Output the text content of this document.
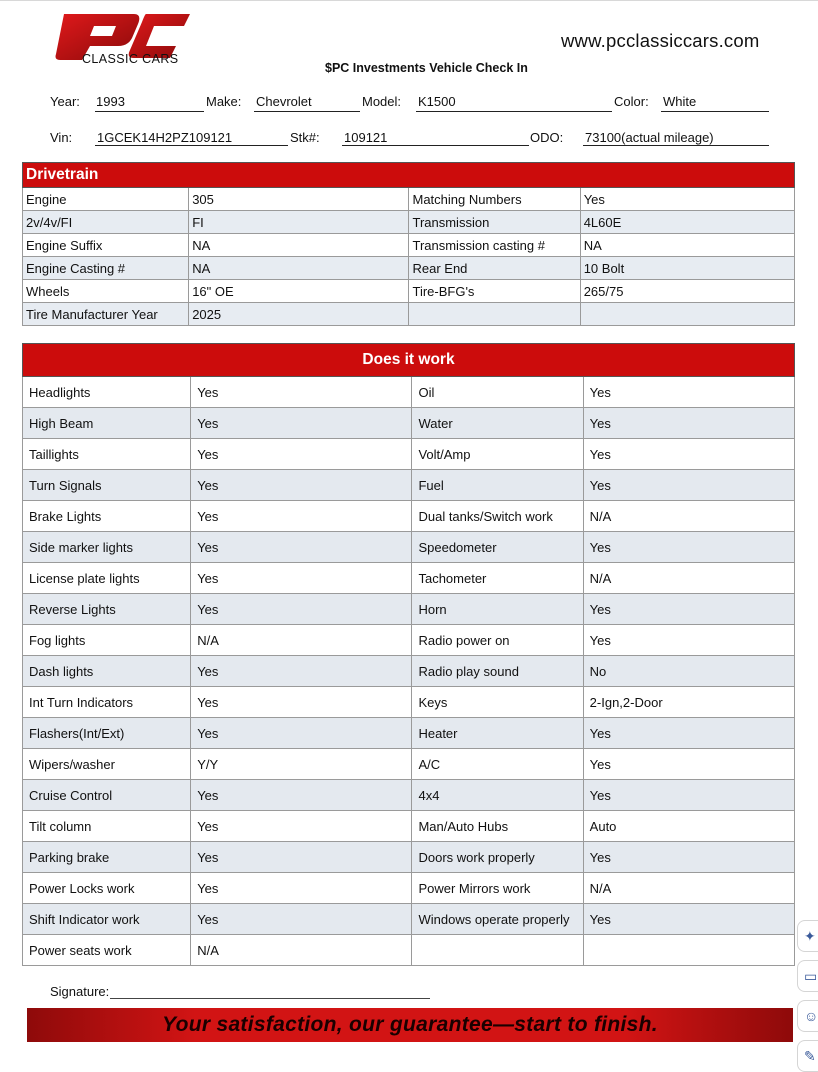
CLASSIC CARS
www.pcclassiccars.com
$PC Investments Vehicle Check In
Year: 1993	Make: Chevrolet	Model: K1500	Color: White
Vin: 1GCEK14H2PZ109121	Stk#: 109121	ODO: 73100(actual mileage)
Drivetrain			
Engine	305	Matching Numbers	Yes
2v/4v/FI	FI	Transmission	4L60E
Engine Suffix	NA	Transmission casting #	NA
Engine Casting #	NA	Rear End	10 Bolt
Wheels	16" OE	Tire-BFG's	265/75
Tire Manufacturer Year	2025		
Does it work			
Headlights	Yes	Oil	Yes
High Beam	Yes	Water	Yes
Taillights	Yes	Volt/Amp	Yes
Turn Signals	Yes	Fuel	Yes
Brake Lights	Yes	Dual tanks/Switch work	N/A
Side marker lights	Yes	Speedometer	Yes
License plate lights	Yes	Tachometer	N/A
Reverse Lights	Yes	Horn	Yes
Fog lights	N/A	Radio power on	Yes
Dash lights	Yes	Radio play sound	No
Int Turn Indicators	Yes	Keys	2-Ign,2-Door
Flashers(Int/Ext)	Yes	Heater	Yes
Wipers/washer	Y/Y	A/C	Yes
Cruise Control	Yes	4x4	Yes
Tilt column	Yes	Man/Auto Hubs	Auto
Parking brake	Yes	Doors work properly	Yes
Power Locks work	Yes	Power Mirrors work	N/A
Shift Indicator work	Yes	Windows operate properly	Yes
Power seats work	N/A		
Signature:
Your satisfaction, our guarantee—start to finish.
✦
▭
☺
✎
